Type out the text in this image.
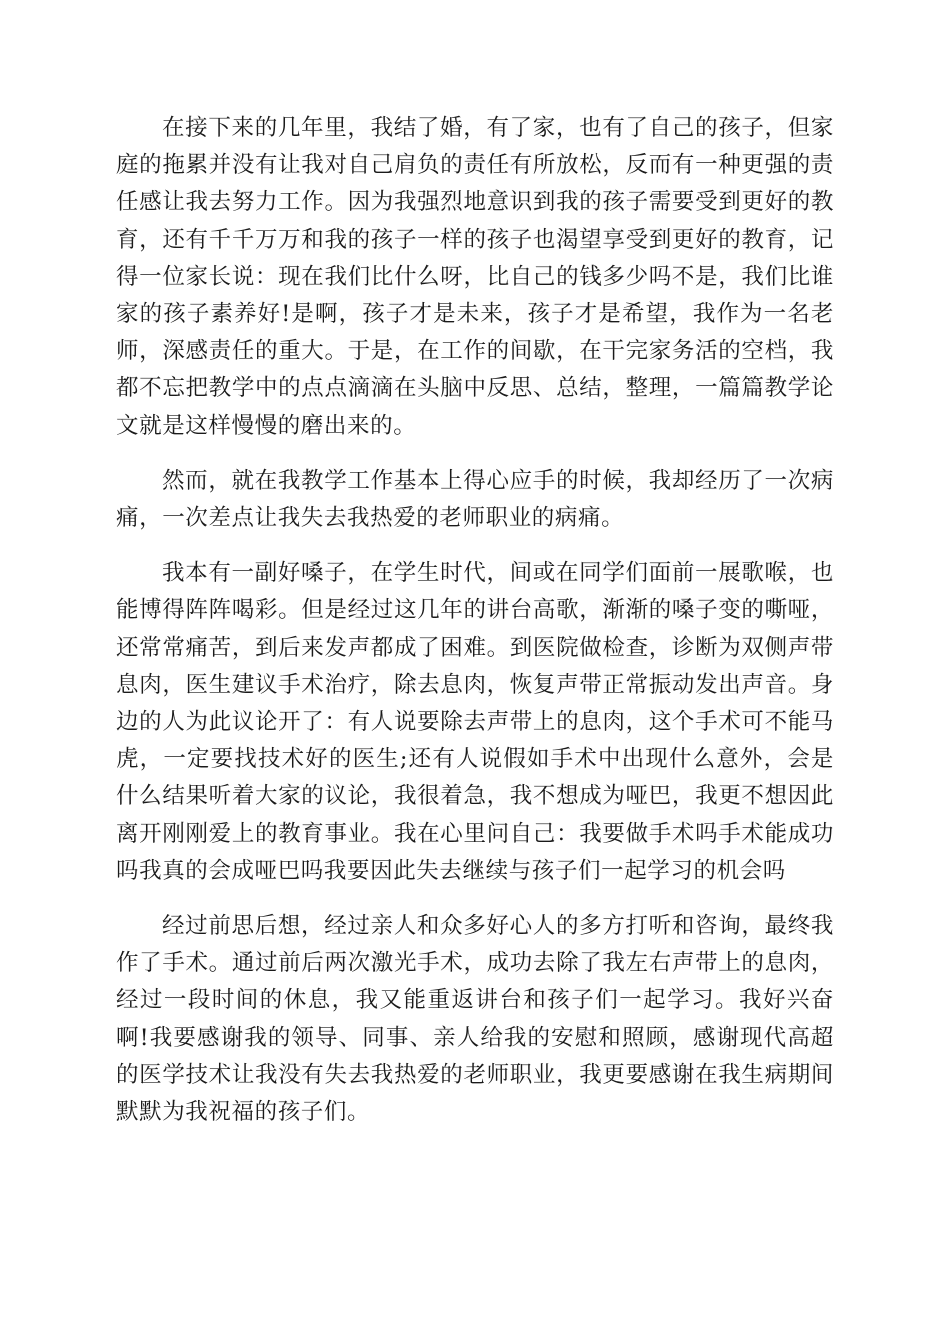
在接下来的几年里，我结了婚，有了家，也有了自己的孩子，但家庭的拖累并没有让我对自己肩负的责任有所放松，反而有一种更强的责任感让我去努力工作。因为我强烈地意识到我的孩子需要受到更好的教育，还有千千万万和我的孩子一样的孩子也渴望享受到更好的教育，记得一位家长说：现在我们比什么呀，比自己的钱多少吗不是，我们比谁家的孩子素养好!是啊，孩子才是未来，孩子才是希望，我作为一名老师，深感责任的重大。于是，在工作的间歇，在干完家务活的空档，我都不忘把教学中的点点滴滴在头脑中反思、总结，整理，一篇篇教学论文就是这样慢慢的磨出来的。

然而，就在我教学工作基本上得心应手的时候，我却经历了一次病痛，一次差点让我失去我热爱的老师职业的病痛。

我本有一副好嗓子，在学生时代，间或在同学们面前一展歌喉，也能博得阵阵喝彩。但是经过这几年的讲台高歌，渐渐的嗓子变的嘶哑，还常常痛苦，到后来发声都成了困难。到医院做检查，诊断为双侧声带息肉，医生建议手术治疗，除去息肉，恢复声带正常振动发出声音。身边的人为此议论开了：有人说要除去声带上的息肉，这个手术可不能马虎，一定要找技术好的医生;还有人说假如手术中出现什么意外，会是什么结果听着大家的议论，我很着急，我不想成为哑巴，我更不想因此离开刚刚爱上的教育事业。我在心里问自己：我要做手术吗手术能成功吗我真的会成哑巴吗我要因此失去继续与孩子们一起学习的机会吗

经过前思后想，经过亲人和众多好心人的多方打听和咨询，最终我作了手术。通过前后两次激光手术，成功去除了我左右声带上的息肉，经过一段时间的休息，我又能重返讲台和孩子们一起学习。我好兴奋啊!我要感谢我的领导、同事、亲人给我的安慰和照顾，感谢现代高超的医学技术让我没有失去我热爱的老师职业，我更要感谢在我生病期间默默为我祝福的孩子们。
